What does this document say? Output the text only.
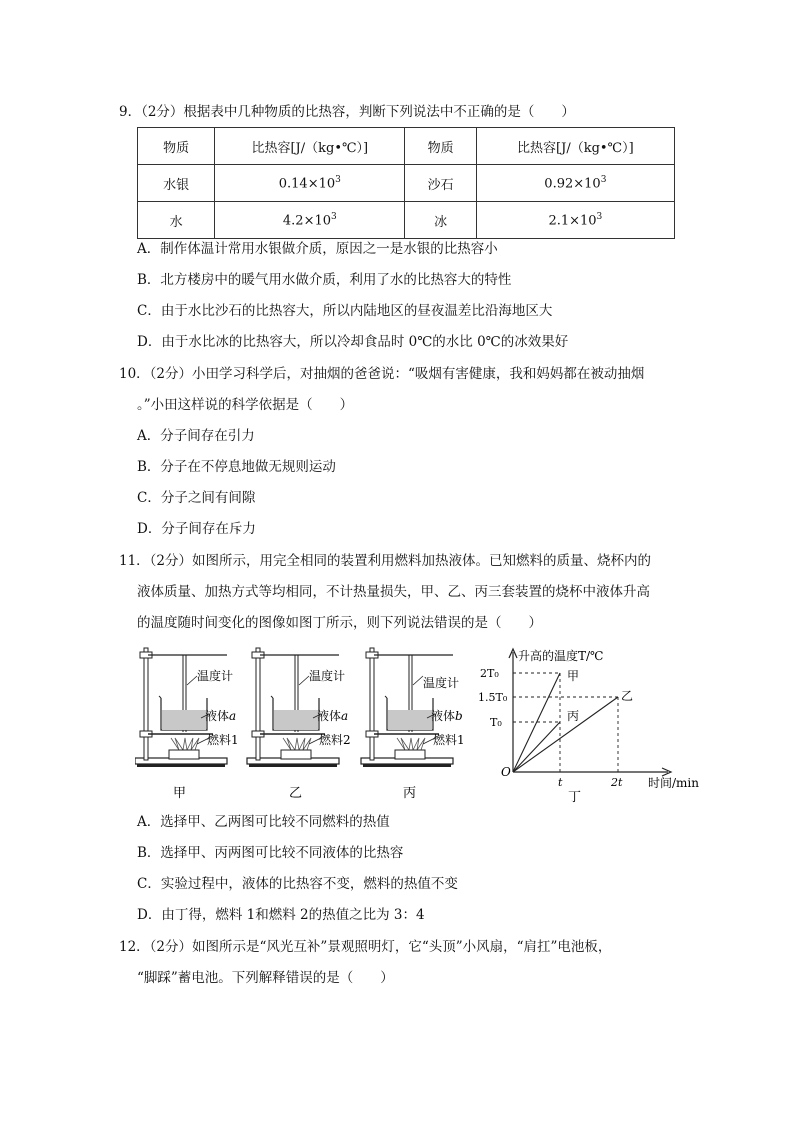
9．（2分）根据表中几种物质的比热容，判断下列说法中不正确的是（　　）
物质	比热容[J/（kg•℃）]	物质	比热容[J/（kg•℃）]
水银	$0.14\times 10^3$	沙石	$0.92\times 10^3$
水	$4.2\times 10^3$	冰	$2.1\times 10^3$
A．制作体温计常用水银做介质，原因之一是水银的比热容小
B．北方楼房中的暖气用水做介质，利用了水的比热容大的特性
C．由于水比沙石的比热容大，所以内陆地区的昼夜温差比沿海地区大
D．由于水比冰的比热容大，所以冷却食品时 0℃的水比 0℃的冰效果好
10．（2分）小田学习科学后，对抽烟的爸爸说：“吸烟有害健康，我和妈妈都在被动抽烟
。”小田这样说的科学依据是（　　）
A．分子间存在引力
B．分子在不停息地做无规则运动
C．分子之间有间隙
D．分子间存在斥力
11．（2分）如图所示，用完全相同的装置利用燃料加热液体。已知燃料的质量、烧杯内的
液体质量、加热方式等均相同，不计热量损失，甲、乙、丙三套装置的烧杯中液体升高
的温度随时间变化的图像如图丁所示，则下列说法错误的是（　　）
温度计
液体a
燃料1
甲
温度计
液体a
燃料2
乙
温度计
液体b
燃料1
丙
升高的温度T/℃
2T₀
1.5T₀
T₀
O
t	2t 时间/min
甲
乙
丙
丁
A．选择甲、乙两图可比较不同燃料的热值
B．选择甲、丙两图可比较不同液体的比热容
C．实验过程中，液体的比热容不变，燃料的热值不变
D．由丁得，燃料 1和燃料 2的热值之比为 3：4
12．（2分）如图所示是“风光互补”景观照明灯，它“头顶”小风扇，“肩扛”电池板，
“脚踩”蓄电池。下列解释错误的是（　　）
